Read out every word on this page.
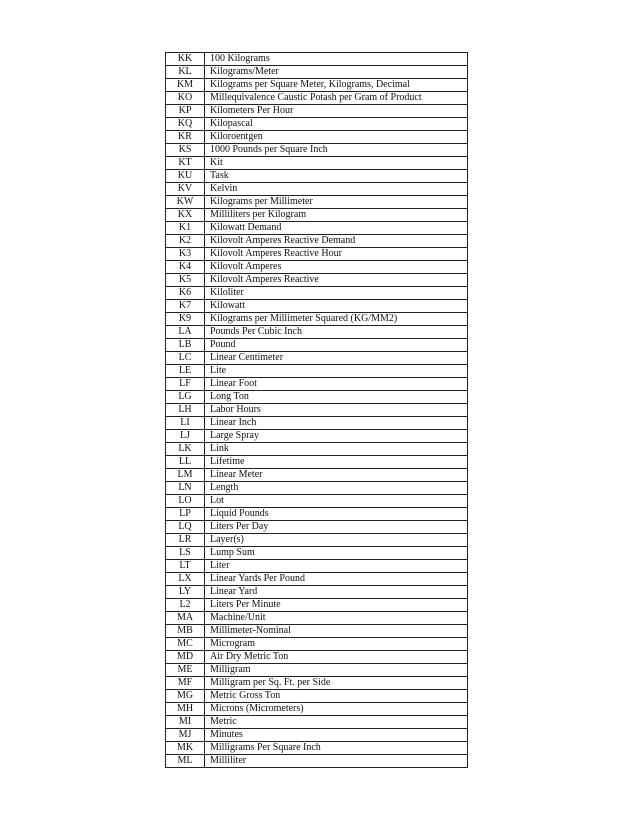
KK	100 Kilograms
KL	Kilograms/Meter
KM	Kilograms per Square Meter, Kilograms, Decimal
KO	Millequivalence Caustic Potash per Gram of Product
KP	Kilometers Per Hour
KQ	Kilopascal
KR	Kiloroentgen
KS	1000 Pounds per Square Inch
KT	Kit
KU	Task
KV	Kelvin
KW	Kilograms per Millimeter
KX	Milliliters per Kilogram
K1	Kilowatt Demand
K2	Kilovolt Amperes Reactive Demand
K3	Kilovolt Amperes Reactive Hour
K4	Kilovolt Amperes
K5	Kilovolt Amperes Reactive
K6	Kiloliter
K7	Kilowatt
K9	Kilograms per Millimeter Squared (KG/MM2)
LA	Pounds Per Cubic Inch
LB	Pound
LC	Linear Centimeter
LE	Lite
LF	Linear Foot
LG	Long Ton
LH	Labor Hours
LI	Linear Inch
LJ	Large Spray
LK	Link
LL	Lifetime
LM	Linear Meter
LN	Length
LO	Lot
LP	Liquid Pounds
LQ	Liters Per Day
LR	Layer(s)
LS	Lump Sum
LT	Liter
LX	Linear Yards Per Pound
LY	Linear Yard
L2	Liters Per Minute
MA	Machine/Unit
MB	Millimeter-Nominal
MC	Microgram
MD	Air Dry Metric Ton
ME	Milligram
MF	Milligram per Sq. Ft. per Side
MG	Metric Gross Ton
MH	Microns (Micrometers)
MI	Metric
MJ	Minutes
MK	Milligrams Per Square Inch
ML	Milliliter
